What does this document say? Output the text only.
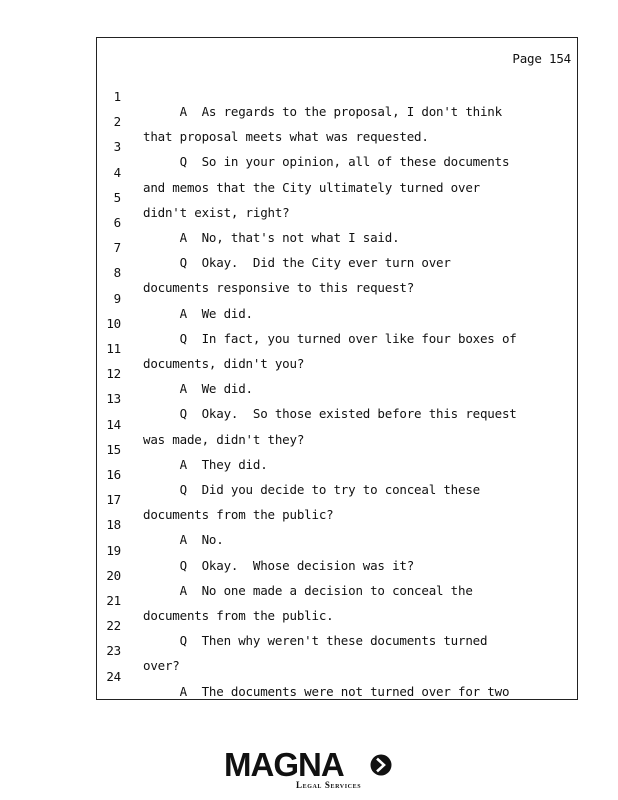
Page 154

1

A  As regards to the proposal, I don't think

2

that proposal meets what was requested.

3

Q  So in your opinion, all of these documents

4

and memos that the City ultimately turned over

5

didn't exist, right?

6

A  No, that's not what I said.

7

Q  Okay.  Did the City ever turn over

8

documents responsive to this request?

9

A  We did.

10

Q  In fact, you turned over like four boxes of

11

documents, didn't you?

12

A  We did.

13

Q  Okay.  So those existed before this request

14

was made, didn't they?

15

A  They did.

16

Q  Did you decide to try to conceal these

17

documents from the public?

18

A  No.

19

Q  Okay.  Whose decision was it?

20

A  No one made a decision to conceal the

21

documents from the public.

22

Q  Then why weren't these documents turned

23

over?

24

A  The documents were not turned over for two

MAGNA
Legal Services
